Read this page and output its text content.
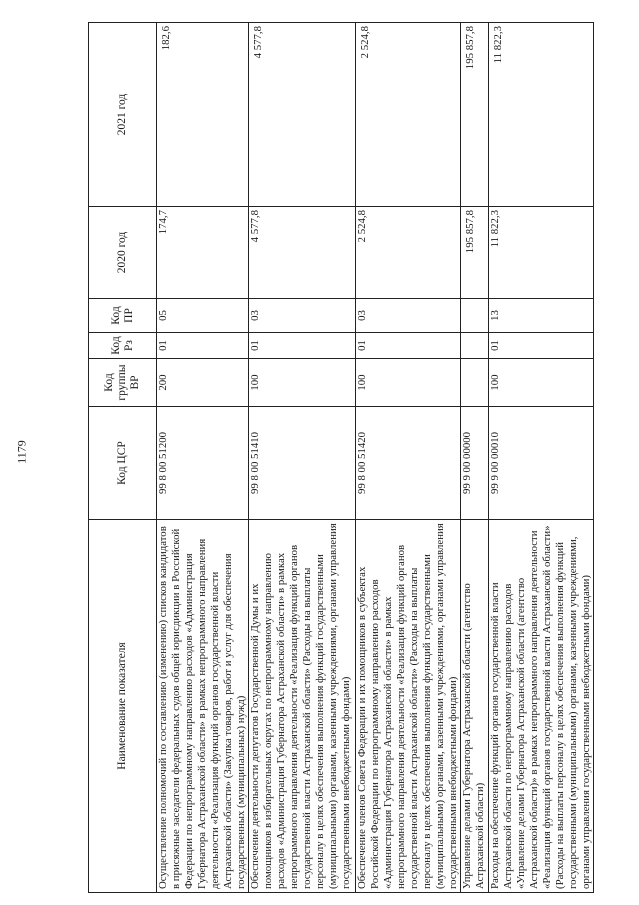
1179
Наименование показателя	Код ЦСР	Код группы ВР	Код Рз	Код ПР	2020 год	2021 год
Осуществление полномочий по составлению (изменению) списков кандидатов в присяжные заседатели федеральных судов общей юрисдикции в Российской Федерации по непрограммному направлению расходов «Администрация Губернатора Астраханской области» в рамках непрограммного направления деятельности «Реализация функций органов государственной власти Астраханской области» (Закупка товаров, работ и услуг для обеспечения государственных (муниципальных) нужд)	99 8 00 51200	200	01	05	174,7	182,6
Обеспечение деятельности депутатов Государственной Думы и их помощников в избирательных округах по непрограммному направлению расходов «Администрация Губернатора Астраханской области» в рамках непрограммного направления деятельности «Реализация функций органов государственной власти Астраханской области» (Расходы на выплаты персоналу в целях обеспечения выполнения функций государственными (муниципальными) органами, казенными учреждениями, органами управления государственными внебюджетными фондами)	99 8 00 51410	100	01	03	4 577,8	4 577,8
Обеспечение членов Совета Федерации и их помощников в субъектах Российской Федерации по непрограммному направлению расходов «Администрация Губернатора Астраханской области» в рамках непрограммного направления деятельности «Реализация функций органов государственной власти Астраханской области» (Расходы на выплаты персоналу в целях обеспечения выполнения функций государственными (муниципальными) органами, казенными учреждениями, органами управления государственными внебюджетными фондами)	99 8 00 51420	100	01	03	2 524,8	2 524,8
Управление делами Губернатора Астраханской области (агентство Астраханской области)	99 9 00 00000				195 857,8	195 857,8
Расходы на обеспечение функций органов государственной власти Астраханской области по непрограммному направлению расходов «Управление делами Губернатора Астраханской области (агентство Астраханской области)» в рамках непрограммного направления деятельности «Реализация функций органов государственной власти Астраханской области» (Расходы на выплаты персоналу в целях обеспечения выполнения функций государственными (муниципальными) органами, казенными учреждениями, органами управления государственными внебюджетными фондами)	99 9 00 00010	100	01	13	11 822,3	11 822,3
